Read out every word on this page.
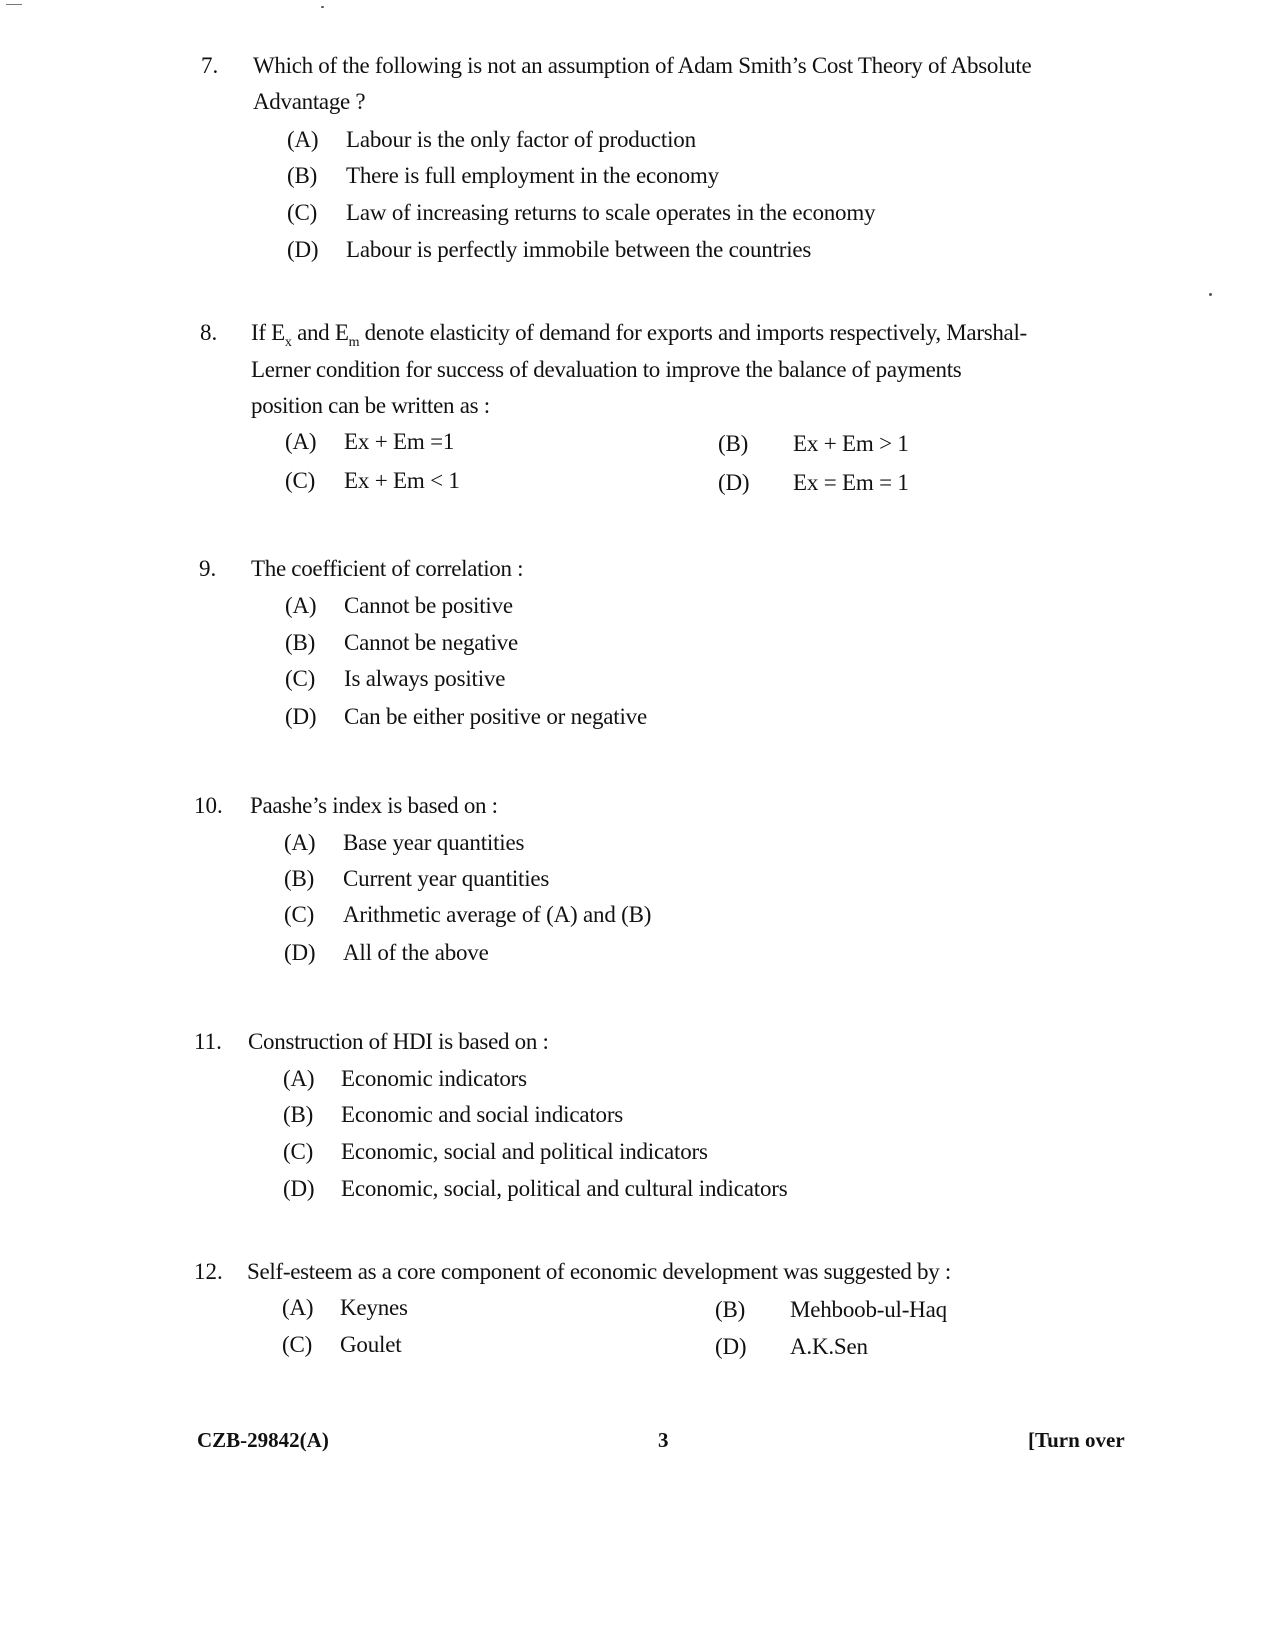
7. Which of the following is not an assumption of Adam Smith’s Cost Theory of Absolute
Advantage ?
(A) Labour is the only factor of production
(B) There is full employment in the economy
(C) Law of increasing returns to scale operates in the economy
(D) Labour is perfectly immobile between the countries
8. If $E_x$ and $E_m$ denote elasticity of demand for exports and imports respectively, Marshal-
Lerner condition for success of devaluation to improve the balance of payments
position can be written as :
(A) Ex + Em =1	(B) Ex + Em > 1
(C) Ex + Em < 1	(D) Ex = Em = 1
9. The coefficient of correlation :
(A) Cannot be positive
(B) Cannot be negative
(C) Is always positive
(D) Can be either positive or negative
10. Paashe’s index is based on :
(A) Base year quantities
(B) Current year quantities
(C) Arithmetic average of (A) and (B)
(D) All of the above
11. Construction of HDI is based on :
(A) Economic indicators
(B) Economic and social indicators
(C) Economic, social and political indicators
(D) Economic, social, political and cultural indicators
12. Self-esteem as a core component of economic development was suggested by :
(A) Keynes	(B) Mehboob-ul-Haq
(C) Goulet	(D) A.K.Sen
CZB-29842(A)	3	[Turn over
